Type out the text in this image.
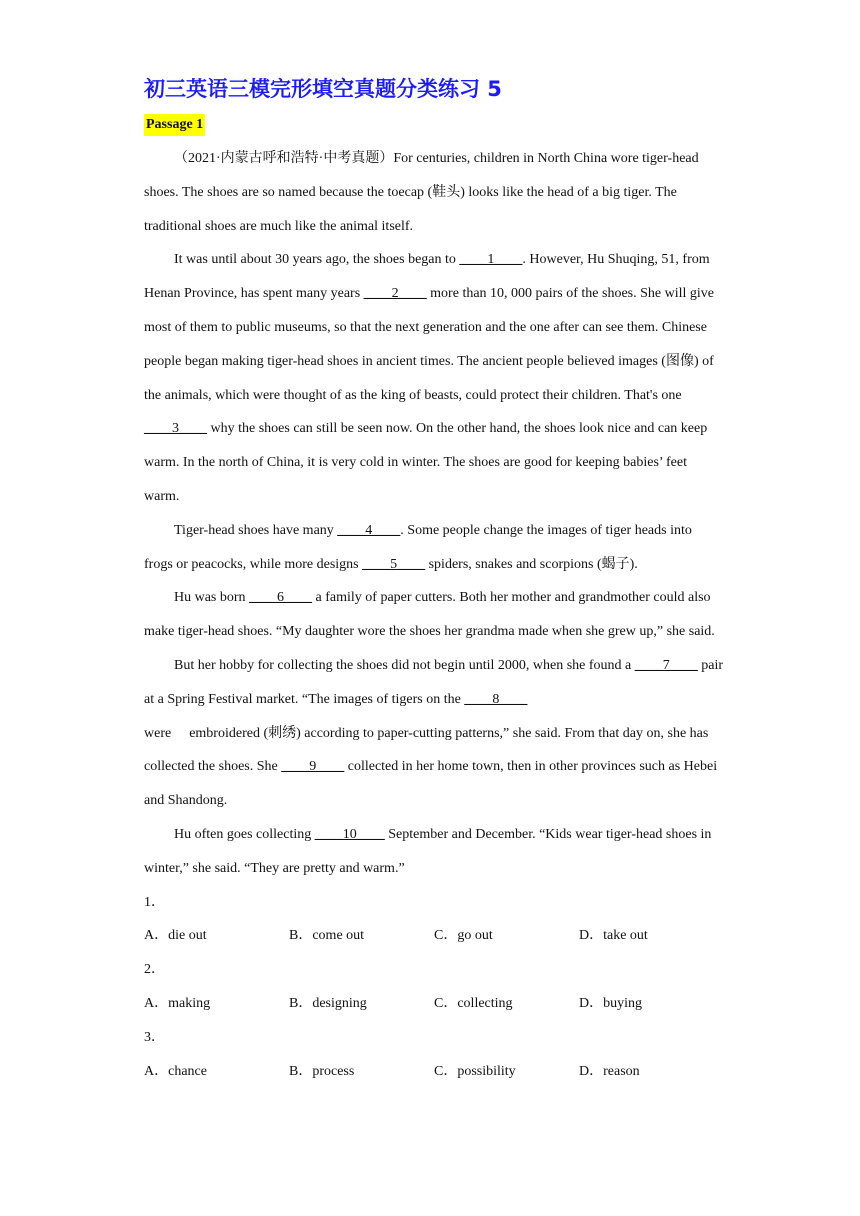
初三英语三模完形填空真题分类练习 5
Passage 1

（2021·内蒙古呼和浩特·中考真题）For centuries, children in North China wore tiger-head shoes. The shoes are so named because the toecap (鞋头) looks like the head of a big tiger. The traditional shoes are much like the animal itself.

It was until about 30 years ago, the shoes began to ____1____. However, Hu Shuqing, 51, from Henan Province, has spent many years ____2____ more than 10, 000 pairs of the shoes. She will give most of them to public museums, so that the next generation and the one after can see them. Chinese people began making tiger-head shoes in ancient times. The ancient people believed images (图像) of the animals, which were thought of as the king of beasts, could protect their children. That's one ____3____ why the shoes can still be seen now. On the other hand, the shoes look nice and can keep warm. In the north of China, it is very cold in winter. The shoes are good for keeping babies’ feet warm.

Tiger-head shoes have many ____4____. Some people change the images of tiger heads into frogs or peacocks, while more designs ____5____ spiders, snakes and scorpions (蝎子).

Hu was born ____6____ a family of paper cutters. Both her mother and grandmother could also make tiger-head shoes. “My daughter wore the shoes her grandma made when she grew up,” she said.

But her hobby for collecting the shoes did not begin until 2000, when she found a ____7____ pair at a Spring Festival market. “The images of tigers on the ____8____
were embroidered (刺绣) according to paper-cutting patterns,” she said. From that day on, she has collected the shoes. She ____9____ collected in her home town, then in other provinces such as Hebei and Shandong.

Hu often goes collecting ____10____ September and December. “Kids wear tiger-head shoes in winter,” she said. “They are pretty and warm.”

1．

A．die out	B．come out	C．go out	D．take out

2．

A．making	B．designing	C．collecting	D．buying

3．

A．chance	B．process	C．possibility	D．reason
